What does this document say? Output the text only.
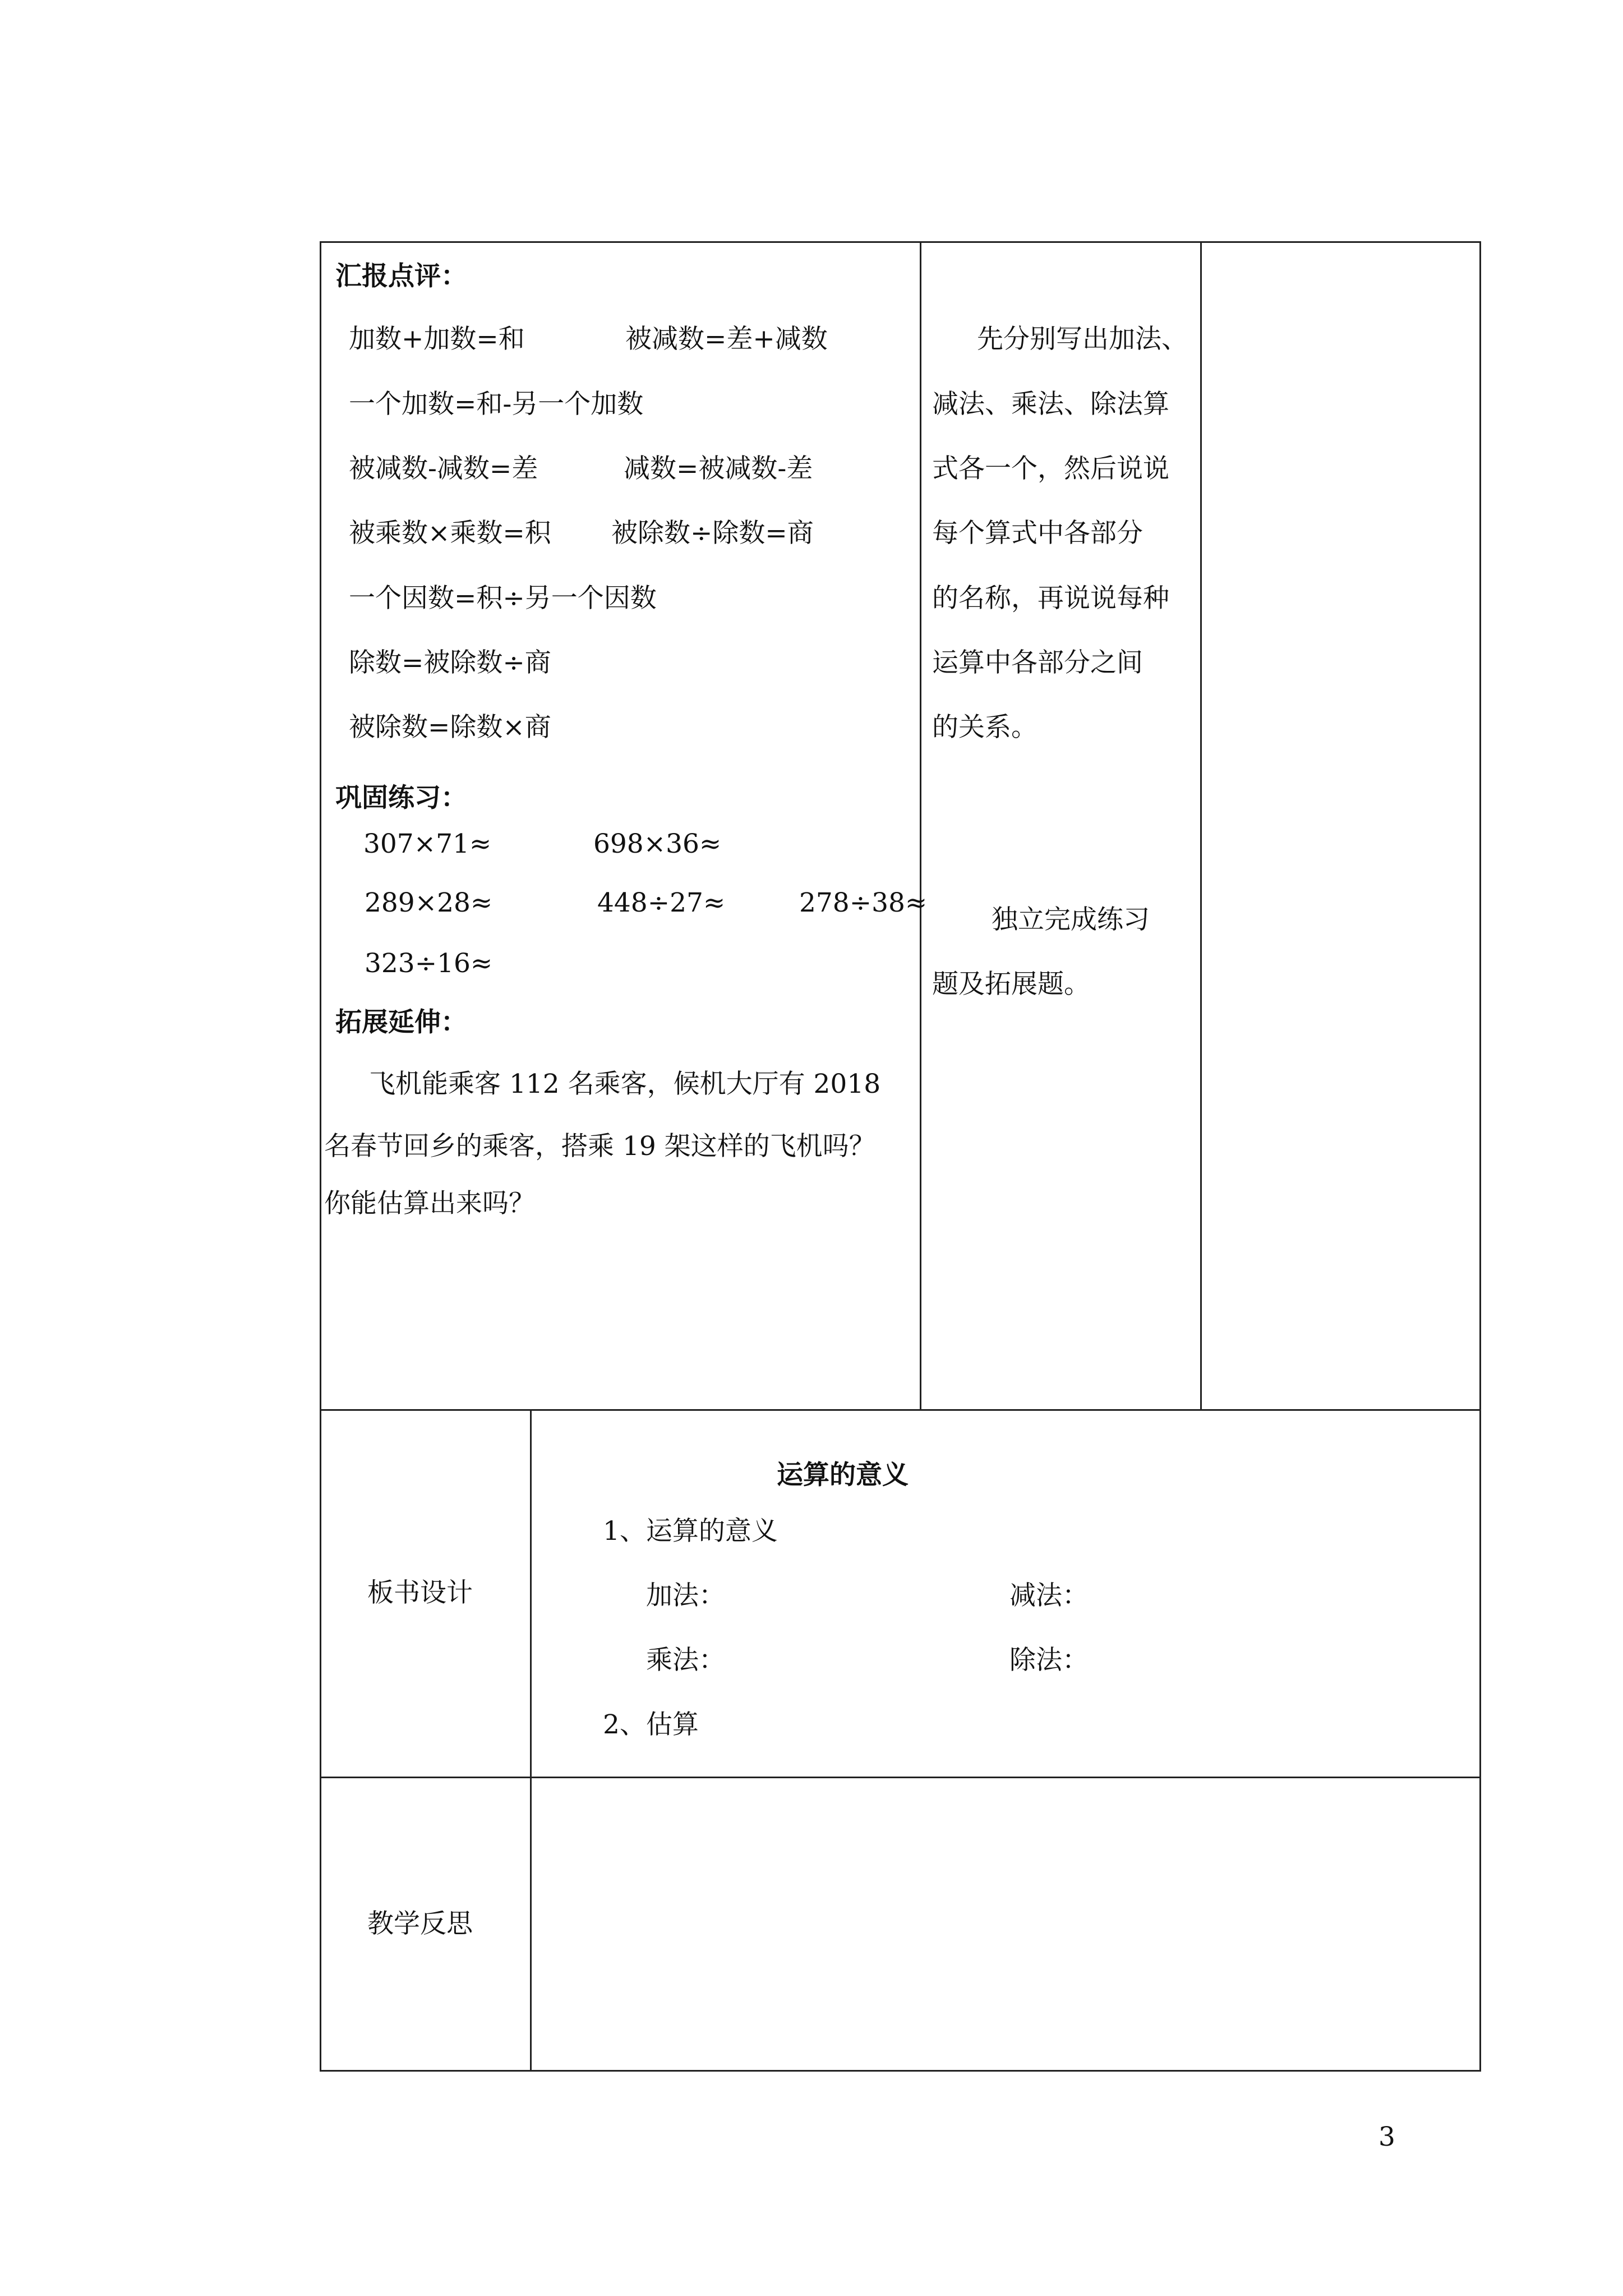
汇报点评：
加数+加数=和	被减数=差+减数
一个加数=和-另一个加数
被减数-减数=差	减数=被减数-差
被乘数×乘数=积 被除数÷除数=商
一个因数=积÷另一个因数
除数=被除数÷商
被除数=除数×商
巩固练习：
307×71≈	698×36≈
289×28≈	448÷27≈	278÷38≈
323÷16≈
拓展延伸：
飞机能乘客 112 名乘客，候机大厅有 2018
名春节回乡的乘客，搭乘 19 架这样的飞机吗？
你能估算出来吗？
先分别写出加法、
减法、乘法、除法算
式各一个，然后说说
每个算式中各部分
的名称，再说说每种
运算中各部分之间
的关系。
独立完成练习
题及拓展题。
板书设计
运算的意义
1、运算的意义
加法：	减法：
乘法：	除法：
2、估算
教学反思
3
